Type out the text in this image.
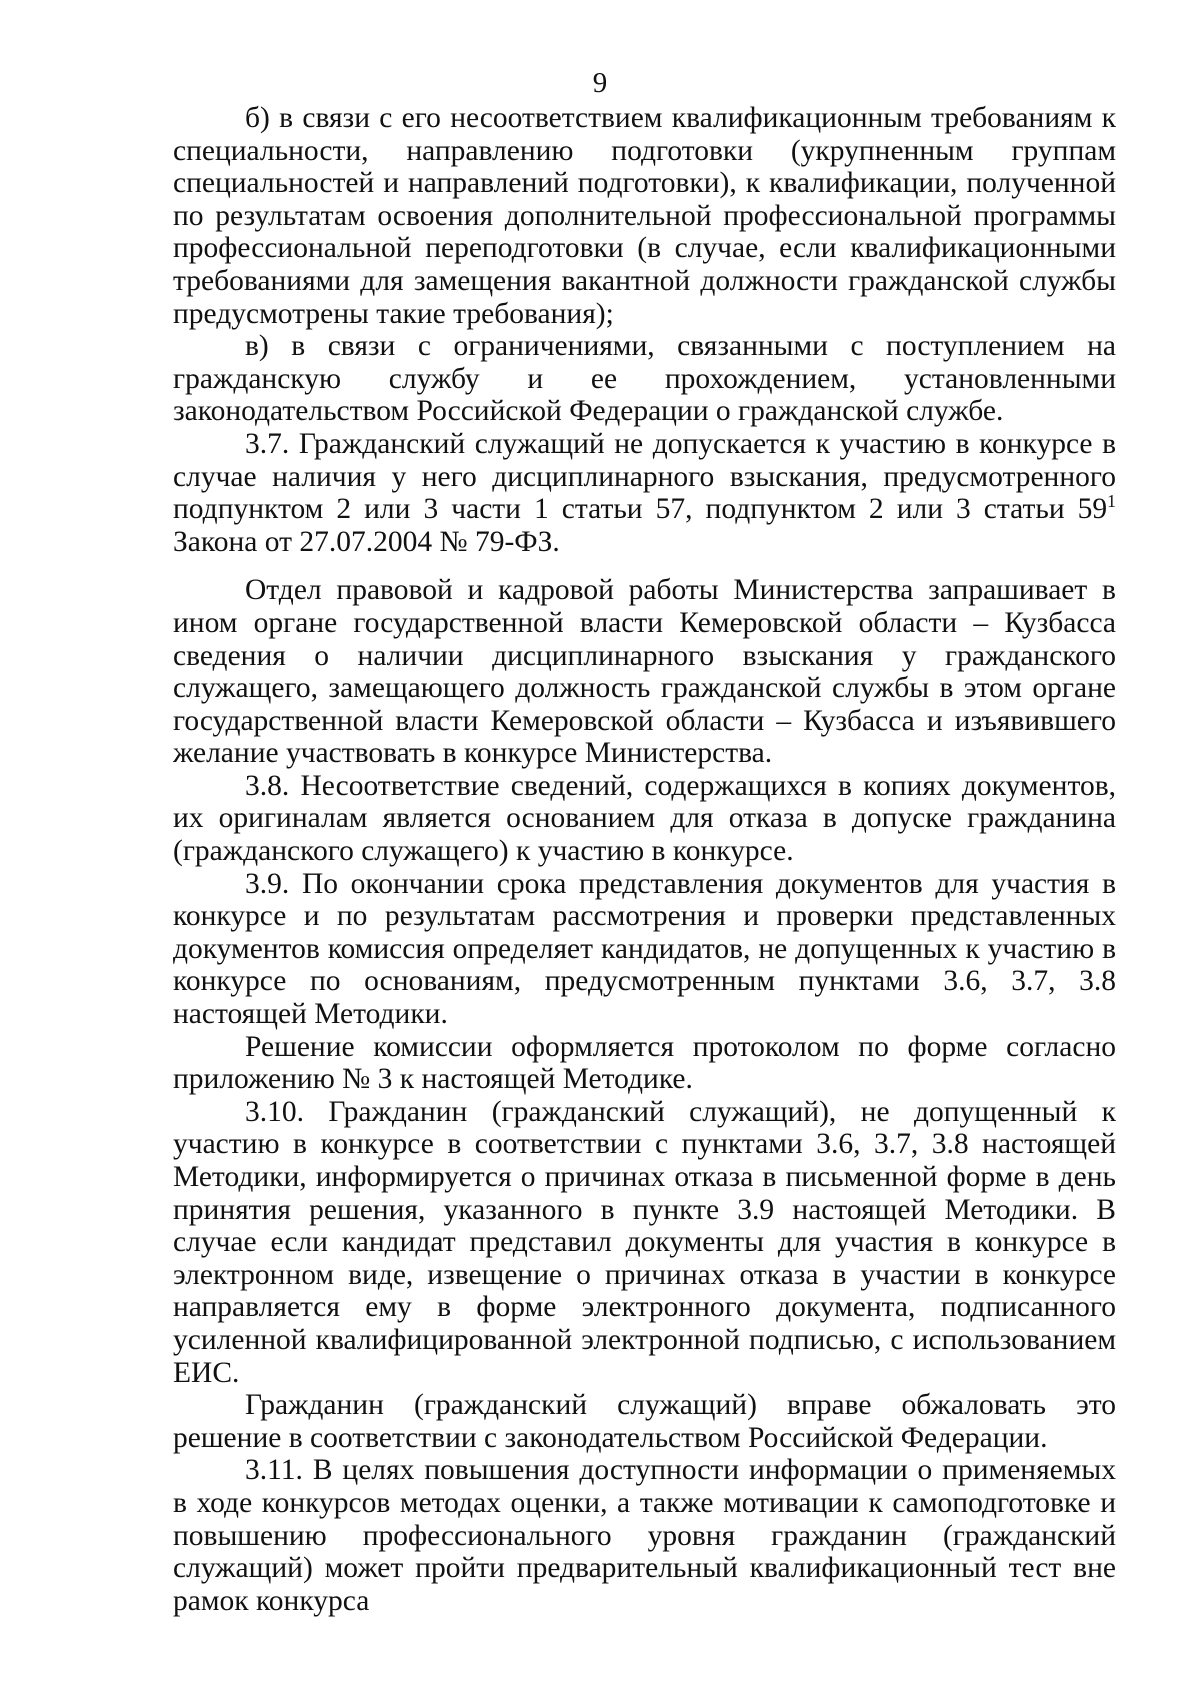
9

б) в связи с его несоответствием квалификационным требованиям к специальности, направлению подготовки (укрупненным группам специальностей и направлений подготовки), к квалификации, полученной по результатам освоения дополнительной профессиональной программы профессиональной переподготовки (в случае, если квалификационными требованиями для замещения вакантной должности гражданской службы предусмотрены такие требования);

в) в связи с ограничениями, связанными с поступлением на гражданскую службу и ее прохождением, установленными законодательством Российской Федерации о гражданской службе.

3.7. Гражданский служащий не допускается к участию в конкурсе в случае наличия у него дисциплинарного взыскания, предусмотренного подпунктом 2 или 3 части 1 статьи 57, подпунктом 2 или 3 статьи $59^1$ Закона от 27.07.2004 № 79-ФЗ.

Отдел правовой и кадровой работы Министерства запрашивает в ином органе государственной власти Кемеровской области – Кузбасса сведения о наличии дисциплинарного взыскания у гражданского служащего, замещающего должность гражданской службы в этом органе государственной власти Кемеровской области – Кузбасса и изъявившего желание участвовать в конкурсе Министерства.

3.8. Несоответствие сведений, содержащихся в копиях документов, их оригиналам является основанием для отказа в допуске гражданина (гражданского служащего) к участию в конкурсе.

3.9. По окончании срока представления документов для участия в конкурсе и по результатам рассмотрения и проверки представленных документов комиссия определяет кандидатов, не допущенных к участию в конкурсе по основаниям, предусмотренным пунктами 3.6, 3.7, 3.8 настоящей Методики.

Решение комиссии оформляется протоколом по форме согласно приложению № 3 к настоящей Методике.

3.10. Гражданин (гражданский служащий), не допущенный к участию в конкурсе в соответствии с пунктами 3.6, 3.7, 3.8 настоящей Методики, информируется о причинах отказа в письменной форме в день принятия решения, указанного в пункте 3.9 настоящей Методики. В случае если кандидат представил документы для участия в конкурсе в электронном виде, извещение о причинах отказа в участии в конкурсе направляется ему в форме электронного документа, подписанного усиленной квалифицированной электронной подписью, с использованием ЕИС.

Гражданин (гражданский служащий) вправе обжаловать это решение в соответствии с законодательством Российской Федерации.

3.11. В целях повышения доступности информации о применяемых в ходе конкурсов методах оценки, а также мотивации к самоподготовке и повышению профессионального уровня гражданин (гражданский служащий) может пройти предварительный квалификационный тест вне рамок конкурса
